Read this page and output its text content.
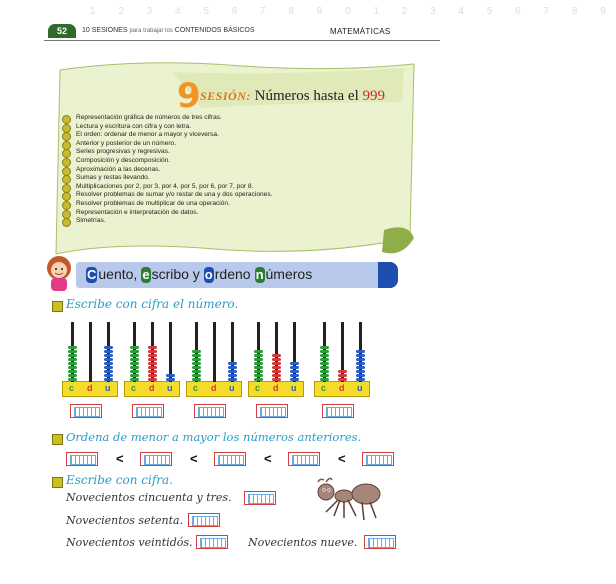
1 2 3 4 5 6 7 8 9 0 1 2 3 4 5 6 7 8 9
52	10 SESIONES para trabajar los CONTENIDOS BÁSICOS	MATEMÁTICAS
9 SESIÓN: Números hasta el 999
Representación gráfica de números de tres cifras.
Lectura y escritura con cifra y con letra.
El orden: ordenar de menor a mayor y viceversa.
Anterior y posterior de un número.
Series progresivas y regresivas.
Composición y descomposición.
Aproximación a las decenas.
Sumas y restas llevando.
Multiplicaciones por 2, por 3, por 4, por 5, por 6, por 7, por 8.
Resolver problemas de sumar y/o restar de una y dos operaciones.
Resolver problemas de multiplicar de una operación.
Representación e interpretación de datos.
Simetrías.
C uento, e scribo y o rdeno n úmeros
Escribe con cifra el número.
c d u c d u c d u c d u	c d u
Ordena de menor a mayor los números anteriores.
<	<	<	<
Escribe con cifra.
Novecientos cincuenta y tres.
Novecientos setenta.
Novecientos veintidós.	Novecientos nueve.
